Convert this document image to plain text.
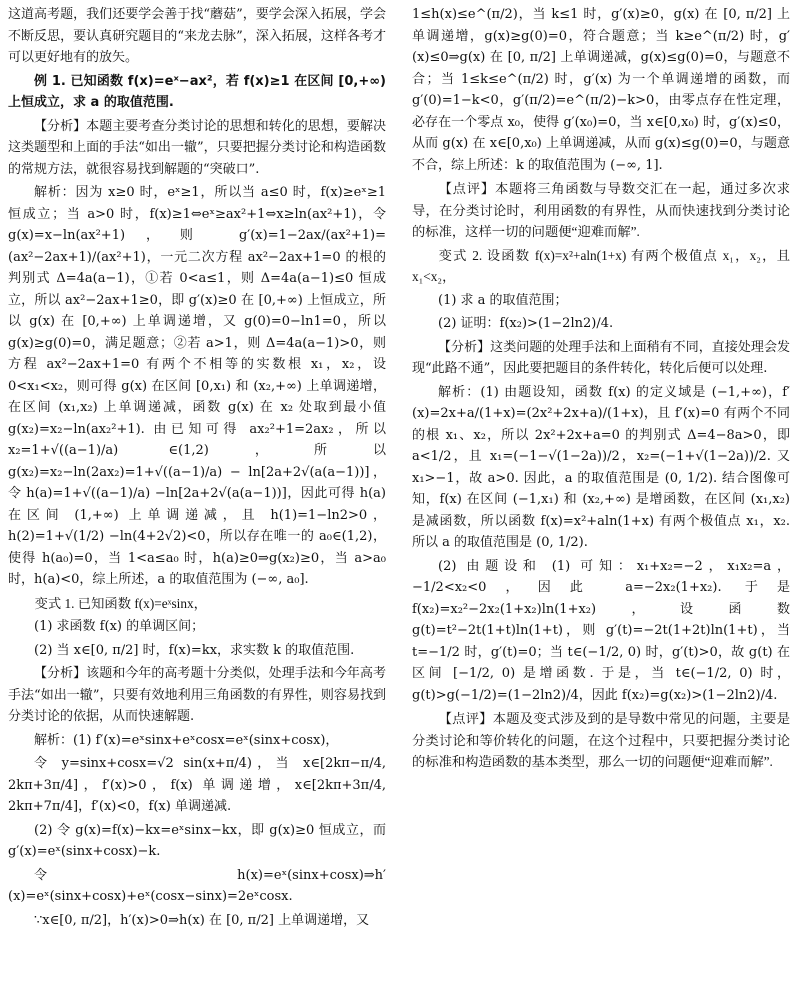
这道高考题，我们还要学会善于找“蘑菇”，要学会深入拓展，学会不断反思，要认真研究题目的“来龙去脉”，深入拓展，这样各考才可以更好地有的放矢。

例 1. 已知函数 f(x)=eˣ−ax²，若 f(x)≥1 在区间 [0,+∞) 上恒成立，求 a 的取值范围.

【分析】本题主要考查分类讨论的思想和转化的思想，要解决这类题型和上面的手法“如出一辙”，只要把握分类讨论和构造函数的常规方法，就很容易找到解题的“突破口”.

解析：因为 x≥0 时，eˣ≥1，所以当 a≤0 时，f(x)≥eˣ≥1 恒成立；当 a>0 时，f(x)≥1⇔eˣ≥ax²+1⇔x≥ln(ax²+1)，令 g(x)=x−ln(ax²+1)，则 g′(x)=1−2ax/(ax²+1)=(ax²−2ax+1)/(ax²+1)，一元二次方程 ax²−2ax+1=0 的根的判别式 Δ=4a(a−1)，①若 0<a≤1，则 Δ=4a(a−1)≤0 恒成立，所以 ax²−2ax+1≥0，即 g′(x)≥0 在 [0,+∞) 上恒成立，所以 g(x) 在 [0,+∞) 上单调递增，又 g(0)=0−ln1=0，所以 g(x)≥g(0)=0，满足题意；②若 a>1，则 Δ=4a(a−1)>0，则方程 ax²−2ax+1=0 有两个不相等的实数根 x₁，x₂，设 0<x₁<x₂，则可得 g(x) 在区间 [0,x₁) 和 (x₂,+∞) 上单调递增，在区间 (x₁,x₂) 上单调递减，函数 g(x) 在 x₂ 处取到最小值 g(x₂)=x₂−ln(ax₂²+1). 由已知可得 ax₂²+1=2ax₂，所以 x₂=1+√((a−1)/a) ∈(1,2)，所以 g(x₂)=x₂−ln(2ax₂)=1+√((a−1)/a) − ln[2a+2√(a(a−1))]，令 h(a)=1+√((a−1)/a) −ln[2a+2√(a(a−1))]，因此可得 h(a) 在区间 (1,+∞) 上单调递减，且 h(1)=1−ln2>0，h(2)=1+√(1/2) −ln(4+2√2)<0，所以存在唯一的 a₀∈(1,2)，使得 h(a₀)=0，当 1<a≤a₀ 时，h(a)≥0⇒g(x₂)≥0，当 a>a₀ 时，h(a)<0，综上所述，a 的取值范围为 (−∞, a₀].

变式 1. 已知函数 f(x)=eˣsinx，

(1) 求函数 f(x) 的单调区间；

(2) 当 x∈[0, π/2] 时，f(x)=kx，求实数 k 的取值范围.

【分析】该题和今年的高考题十分类似，处理手法和今年高考手法“如出一辙”，只要有效地利用三角函数的有界性，则容易找到分类讨论的依据，从而快速解题.

解析：(1) f′(x)=eˣsinx+eˣcosx=eˣ(sinx+cosx)，

令 y=sinx+cosx=√2 sin(x+π/4)，当 x∈[2kπ−π/4, 2kπ+3π/4]，f′(x)>0，f(x) 单调递增，x∈[2kπ+3π/4, 2kπ+7π/4]，f′(x)<0，f(x) 单调递减.

(2) 令 g(x)=f(x)−kx=eˣsinx−kx，即 g(x)≥0 恒成立，而 g′(x)=eˣ(sinx+cosx)−k.

令 h(x)=eˣ(sinx+cosx)⇒h′(x)=eˣ(sinx+cosx)+eˣ(cosx−sinx)=2eˣcosx.

∵x∈[0, π/2]，h′(x)>0⇒h(x) 在 [0, π/2] 上单调递增，又

1≤h(x)≤e^(π/2)，当 k≤1 时，g′(x)≥0，g(x) 在 [0, π/2] 上单调递增，g(x)≥g(0)=0，符合题意；当 k≥e^(π/2) 时，g′(x)≤0⇒g(x) 在 [0, π/2] 上单调递减，g(x)≤g(0)=0，与题意不合；当 1≤k≤e^(π/2) 时，g′(x) 为一个单调递增的函数，而 g′(0)=1−k<0，g′(π/2)=e^(π/2)−k>0，由零点存在性定理，必存在一个零点 x₀，使得 g′(x₀)=0，当 x∈[0,x₀) 时，g′(x)≤0，从而 g(x) 在 x∈[0,x₀) 上单调递减，从而 g(x)≤g(0)=0，与题意不合，综上所述：k 的取值范围为 (−∞, 1].

【点评】本题将三角函数与导数交汇在一起，通过多次求导，在分类讨论时，利用函数的有界性，从而快速找到分类讨论的标准，这样一切的问题便“迎难而解”.

变式 2. 设函数 f(x)=x²+aln(1+x) 有两个极值点 x₁，x₂，且 x₁<x₂，

(1) 求 a 的取值范围；

(2) 证明：f(x₂)>(1−2ln2)/4.

【分析】这类问题的处理手法和上面稍有不同，直接处理会发现“此路不通”，因此要把题目的条件转化，转化后便可以处理.

解析：(1) 由题设知，函数 f(x) 的定义域是 (−1,+∞)，f′(x)=2x+a/(1+x)=(2x²+2x+a)/(1+x)，且 f′(x)=0 有两个不同的根 x₁、x₂，所以 2x²+2x+a=0 的判别式 Δ=4−8a>0，即 a<1/2，且 x₁=(−1−√(1−2a))/2，x₂=(−1+√(1−2a))/2. 又 x₁>−1，故 a>0. 因此，a 的取值范围是 (0, 1/2). 结合图像可知，f(x) 在区间 (−1,x₁) 和 (x₂,+∞) 是增函数，在区间 (x₁,x₂) 是减函数，所以函数 f(x)=x²+aln(1+x) 有两个极值点 x₁，x₂. 所以 a 的取值范围是 (0, 1/2).

(2) 由题设和 (1) 可知：x₁+x₂=−2，x₁x₂=a，−1/2<x₂<0，因此 a=−2x₂(1+x₂). 于是 f(x₂)=x₂²−2x₂(1+x₂)ln(1+x₂)，设函数 g(t)=t²−2t(1+t)ln(1+t)，则 g′(t)=−2t(1+2t)ln(1+t)，当 t=−1/2 时，g′(t)=0；当 t∈(−1/2, 0) 时，g′(t)>0，故 g(t) 在区间 [−1/2, 0) 是增函数. 于是，当 t∈(−1/2, 0) 时，g(t)>g(−1/2)=(1−2ln2)/4，因此 f(x₂)=g(x₂)>(1−2ln2)/4.

【点评】本题及变式涉及到的是导数中常见的问题，主要是分类讨论和等价转化的问题，在这个过程中，只要把握分类讨论的标准和构造函数的基本类型，那么一切的问题便“迎难而解”.
